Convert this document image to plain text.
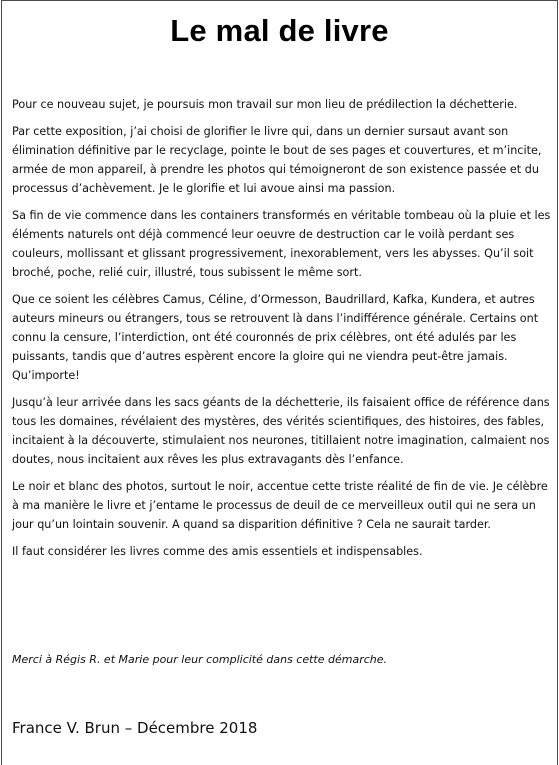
Le mal de livre

Pour ce nouveau sujet, je poursuis mon travail sur mon lieu de prédilection la déchetterie.

Par cette exposition, j’ai choisi de glorifier le livre qui, dans un dernier sursaut avant son élimination définitive par le recyclage, pointe le bout de ses pages et couvertures, et m’incite, armée de mon appareil, à prendre les photos qui témoigneront de son existence passée et du processus d’achèvement. Je le glorifie et lui avoue ainsi ma passion.

Sa fin de vie commence dans les containers transformés en véritable tombeau où la pluie et les éléments naturels ont déjà commencé leur oeuvre de destruction car le voilà perdant ses couleurs, mollissant et glissant progressivement, inexorablement, vers les abysses. Qu’il soit broché, poche, relié cuir, illustré, tous subissent le même sort.

Que ce soient les célèbres Camus, Céline, d’Ormesson, Baudrillard, Kafka, Kundera, et autres auteurs mineurs ou étrangers, tous se retrouvent là dans l’indifférence générale. Certains ont connu la censure, l’interdiction, ont été couronnés de prix célèbres, ont été adulés par les puissants, tandis que d’autres espèrent encore la gloire qui ne viendra peut-être jamais. Qu’importe!

Jusqu’à leur arrivée dans les sacs géants de la déchetterie, ils faisaient office de référence dans tous les domaines, révélaient des mystères, des vérités scientifiques, des histoires, des fables, incitaient à la découverte, stimulaient nos neurones, titillaient notre imagination, calmaient nos doutes, nous incitaient aux rêves les plus extravagants dès l’enfance.

Le noir et blanc des photos, surtout le noir, accentue cette triste réalité de fin de vie. Je célèbre à ma manière le livre et j’entame le processus de deuil de ce merveilleux outil qui ne sera un jour qu’un lointain souvenir. A quand sa disparition définitive ? Cela ne saurait tarder.

Il faut considérer les livres comme des amis essentiels et indispensables.

Merci à Régis R. et Marie pour leur complicité dans cette démarche.

France V. Brun – Décembre 2018
